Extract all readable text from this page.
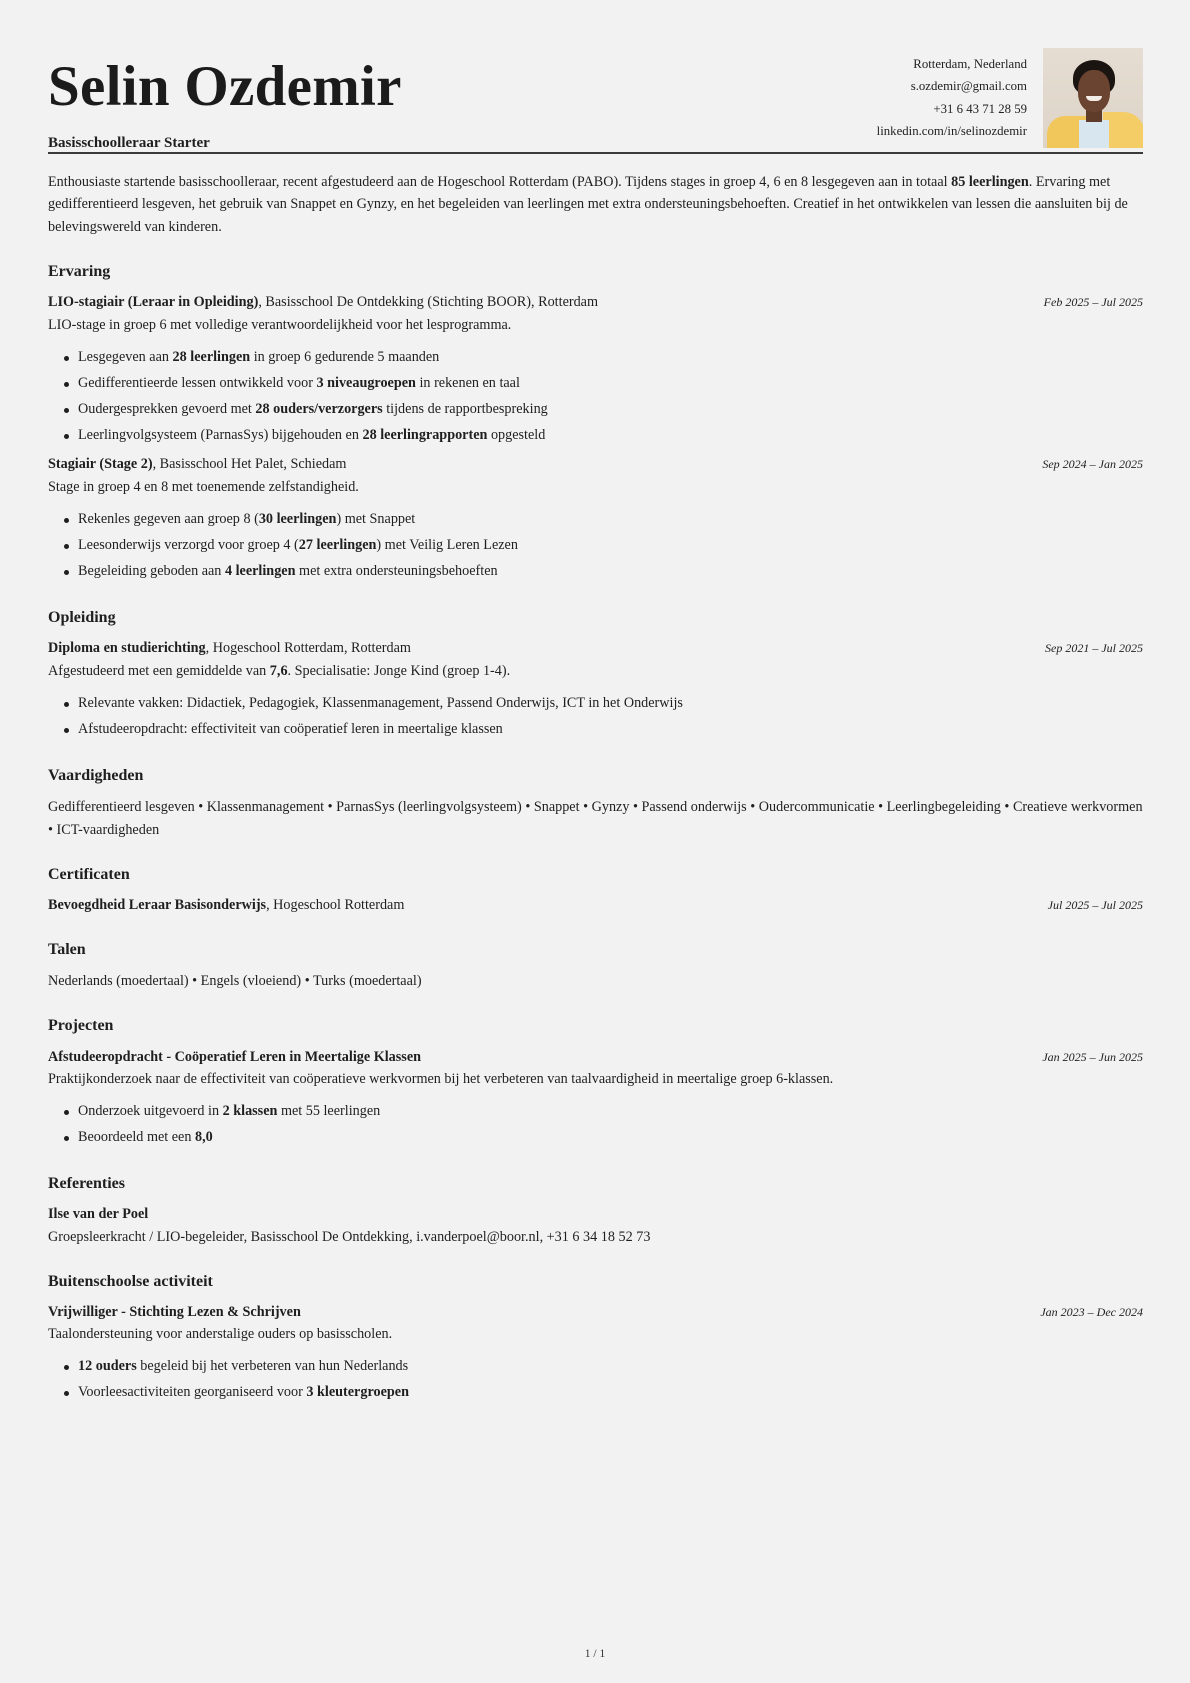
Selin Ozdemir
Basisschoolleraar Starter
Rotterdam, Nederland
s.ozdemir@gmail.com
+31 6 43 71 28 59
linkedin.com/in/selinozdemir

Enthousiaste startende basisschoolleraar, recent afgestudeerd aan de Hogeschool Rotterdam (PABO). Tijdens stages in groep 4, 6 en 8 lesgegeven aan in totaal 85 leerlingen. Ervaring met gedifferentieerd lesgeven, het gebruik van Snappet en Gynzy, en het begeleiden van leerlingen met extra ondersteuningsbehoeften. Creatief in het ontwikkelen van lessen die aansluiten bij de belevingswereld van kinderen.

Ervaring
LIO-stagiair (Leraar in Opleiding), Basisschool De Ontdekking (Stichting BOOR), Rotterdam	Feb 2025 – Jul 2025
LIO-stage in groep 6 met volledige verantwoordelijkheid voor het lesprogramma.
Lesgegeven aan 28 leerlingen in groep 6 gedurende 5 maanden
Gedifferentieerde lessen ontwikkeld voor 3 niveaugroepen in rekenen en taal
Oudergesprekken gevoerd met 28 ouders/verzorgers tijdens de rapportbespreking
Leerlingvolgsysteem (ParnasSys) bijgehouden en 28 leerlingrapporten opgesteld
Stagiair (Stage 2), Basisschool Het Palet, Schiedam	Sep 2024 – Jan 2025
Stage in groep 4 en 8 met toenemende zelfstandigheid.
Rekenles gegeven aan groep 8 (30 leerlingen) met Snappet
Leesonderwijs verzorgd voor groep 4 (27 leerlingen) met Veilig Leren Lezen
Begeleiding geboden aan 4 leerlingen met extra ondersteuningsbehoeften
Opleiding
Diploma en studierichting, Hogeschool Rotterdam, Rotterdam	Sep 2021 – Jul 2025
Afgestudeerd met een gemiddelde van 7,6. Specialisatie: Jonge Kind (groep 1-4).
Relevante vakken: Didactiek, Pedagogiek, Klassenmanagement, Passend Onderwijs, ICT in het Onderwijs
Afstudeeropdracht: effectiviteit van coöperatief leren in meertalige klassen
Vaardigheden
Gedifferentieerd lesgeven • Klassenmanagement • ParnasSys (leerlingvolgsysteem) • Snappet • Gynzy • Passend onderwijs • Oudercommunicatie • Leerlingbegeleiding • Creatieve werkvormen • ICT-vaardigheden
Certificaten
Bevoegdheid Leraar Basisonderwijs, Hogeschool Rotterdam	Jul 2025 – Jul 2025
Talen
Nederlands (moedertaal) • Engels (vloeiend) • Turks (moedertaal)
Projecten
Afstudeeropdracht - Coöperatief Leren in Meertalige Klassen	Jan 2025 – Jun 2025
Praktijkonderzoek naar de effectiviteit van coöperatieve werkvormen bij het verbeteren van taalvaardigheid in meertalige groep 6-klassen.
Onderzoek uitgevoerd in 2 klassen met 55 leerlingen
Beoordeeld met een 8,0
Referenties
Ilse van der Poel
Groepsleerkracht / LIO-begeleider, Basisschool De Ontdekking, i.vanderpoel@boor.nl, +31 6 34 18 52 73
Buitenschoolse activiteit
Vrijwilliger - Stichting Lezen & Schrijven	Jan 2023 – Dec 2024
Taalondersteuning voor anderstalige ouders op basisscholen.
12 ouders begeleid bij het verbeteren van hun Nederlands
Voorleesactiviteiten georganiseerd voor 3 kleutergroepen
1 / 1
